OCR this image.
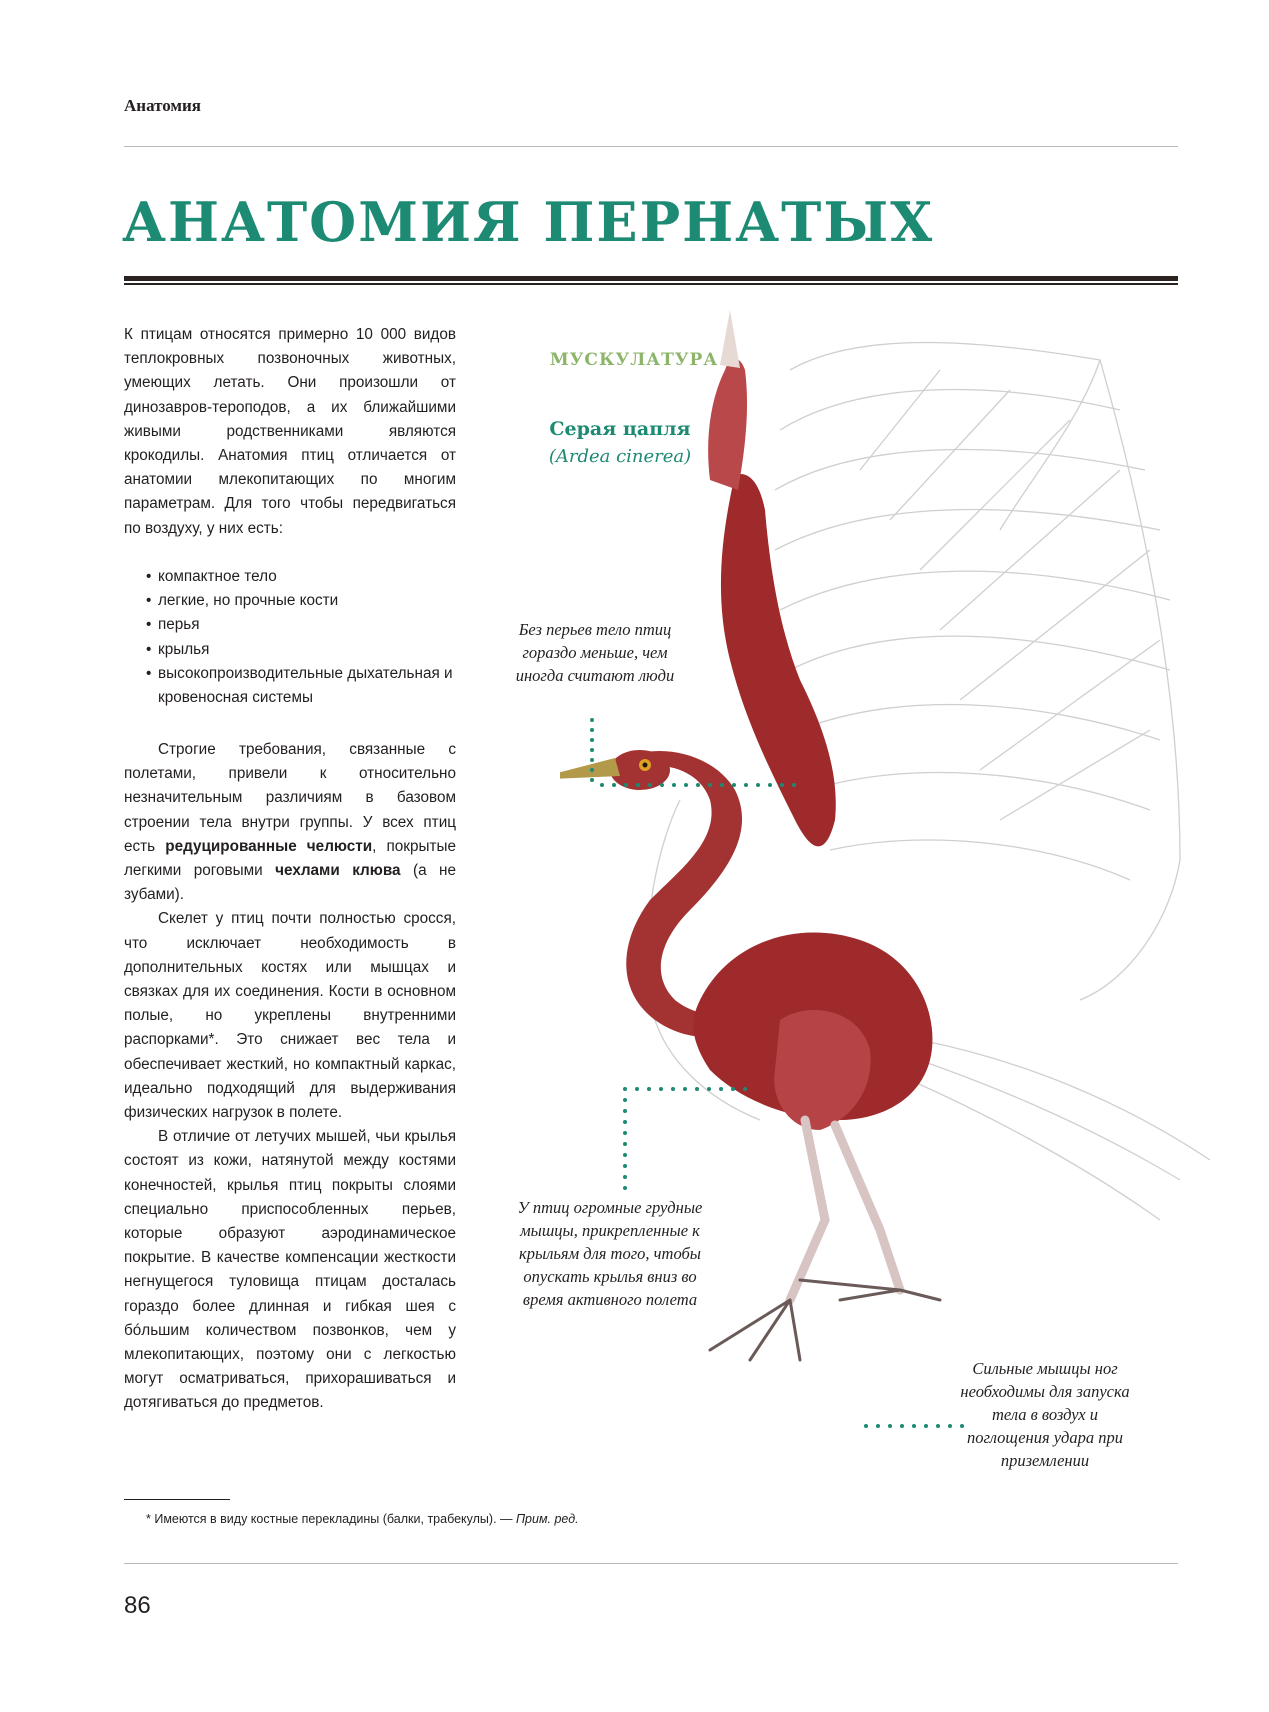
Анатомия
АНАТОМИЯ ПЕРНАТЫХ

К птицам относятся примерно 10 000 видов теплокровных позвоночных животных, умеющих летать. Они произошли от динозавров-тероподов, а их ближайшими живыми родственниками являются крокодилы. Анатомия птиц отличается от анатомии млекопитающих по многим параметрам. Для того чтобы передвигаться по воздуху, у них есть:

• компактное тело
• легкие, но прочные кости
• перья
• крылья
• высокопроизводительные дыхательная и кровеносная системы

Строгие требования, связанные с полетами, привели к относительно незначительным различиям в базовом строении тела внутри группы. У всех птиц есть редуцированные челюсти, покрытые легкими роговыми чехлами клюва (а не зубами).

Скелет у птиц почти полностью сросся, что исключает необходимость в дополнительных костях или мышцах и связках для их соединения. Кости в основном полые, но укреплены внутренними распорками*. Это снижает вес тела и обеспечивает жесткий, но компактный каркас, идеально подходящий для выдерживания физических нагрузок в полете.

В отличие от летучих мышей, чьи крылья состоят из кожи, натянутой между костями конечностей, крылья птиц покрыты слоями специально приспособленных перьев, которые образуют аэродинамическое покрытие. В качестве компенсации жесткости негнущегося туловища птицам досталась гораздо более длинная и гибкая шея с бóльшим количеством позвонков, чем у млекопитающих, поэтому они с легкостью могут осматриваться, прихорашиваться и дотягиваться до предметов.

МУСКУЛАТУРА
Серая цапля
(Ardea cinerea)
Без перьев тело птиц гораздо меньше, чем иногда считают люди
У птиц огромные грудные мышцы, прикрепленные к крыльям для того, чтобы опускать крылья вниз во время активного полета
Сильные мышцы ног необходимы для запуска тела в воздух и поглощения удара при приземлении
* Имеются в виду костные перекладины (балки, трабекулы). — Прим. ред.
86
